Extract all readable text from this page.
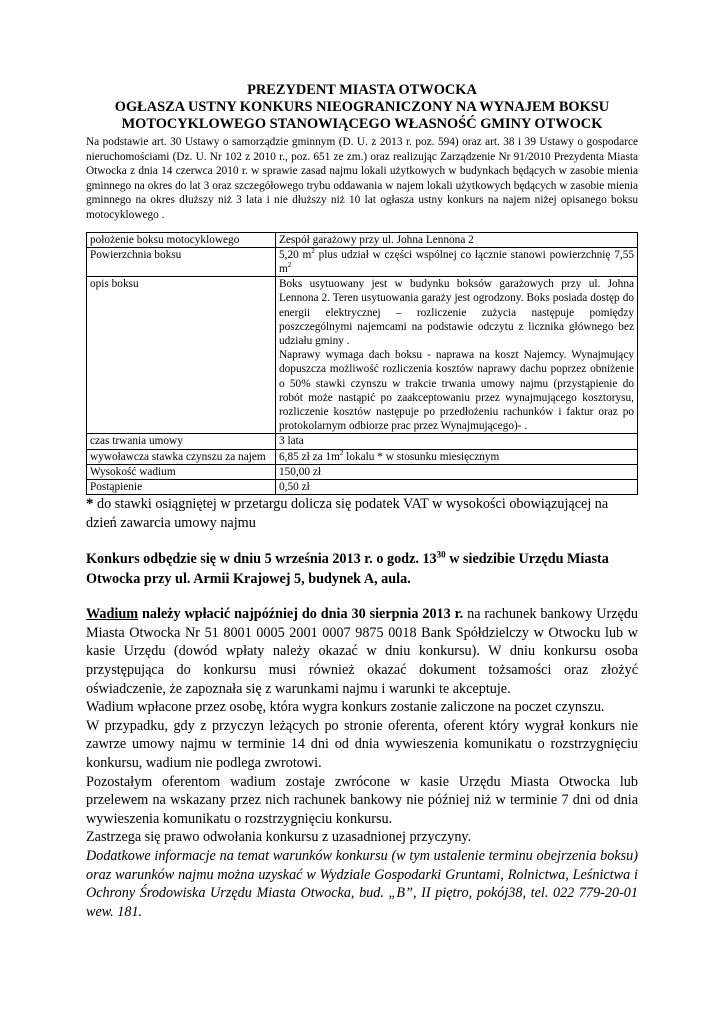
PREZYDENT MIASTA OTWOCKA

OGŁASZA USTNY KONKURS NIEOGRANICZONY NA WYNAJEM BOKSU

MOTOCYKLOWEGO STANOWIĄCEGO WŁASNOŚĆ GMINY OTWOCK

Na podstawie art. 30 Ustawy o samorządzie gminnym (D. U. z 2013 r. poz. 594) oraz art. 38 i 39 Ustawy o gospodarce nieruchomościami (Dz. U. Nr 102 z 2010 r., poz. 651 ze zm.) oraz realizując Zarządzenie Nr 91/2010 Prezydenta Miasta Otwocka z dnia 14 czerwca 2010 r. w sprawie zasad najmu lokali użytkowych w budynkach będących w zasobie mienia gminnego na okres do lat 3 oraz szczegółowego trybu oddawania w najem lokali użytkowych będących w zasobie mienia gminnego na okres dłuższy niż 3 lata i nie dłuższy niż 10 lat ogłasza ustny konkurs na najem niżej opisanego boksu motocyklowego .

położenie boksu motocyklowego	Zespół garażowy przy ul. Johna Lennona 2
Powierzchnia boksu	5,20 $m^2$ plus udział w części wspólnej co łącznie stanowi powierzchnię 7,55 $m^2$
opis boksu	Boks usytuowany jest w budynku boksów garażowych przy ul. Johna Lennona 2. Teren usytuowania garaży jest ogrodzony. Boks posiada dostęp do energii elektrycznej – rozliczenie zużycia następuje pomiędzy poszczególnymi najemcami na podstawie odczytu z licznika głównego bez udziału gminy .
Naprawy wymaga dach boksu - naprawa na koszt Najemcy. Wynajmujący dopuszcza możliwość rozliczenia kosztów naprawy dachu poprzez obniżenie o 50% stawki czynszu w trakcie trwania umowy najmu (przystąpienie do robót może nastąpić po zaakceptowaniu przez wynajmującego kosztorysu, rozliczenie kosztów następuje po przedłożeniu rachunków i faktur oraz po protokolarnym odbiorze prac przez Wynajmującego)- .

czas trwania umowy	3 lata
wywoławcza stawka czynszu za najem	6,85 zł za $1m^2$ lokalu * w stosunku miesięcznym
Wysokość wadium	150,00 zł
Postąpienie	0,50 zł

* do stawki osiągniętej w przetargu dolicza się podatek VAT w wysokości obowiązującej na dzień zawarcia umowy najmu

Konkurs odbędzie się w dniu 5 września 2013 r. o godz. $13^{30}$ w siedzibie Urzędu Miasta Otwocka przy ul. Armii Krajowej 5, budynek A, aula.

Wadium należy wpłacić najpóźniej do dnia 30 sierpnia 2013 r. na rachunek bankowy Urzędu Miasta Otwocka Nr 51 8001 0005 2001 0007 9875 0018 Bank Spółdzielczy w Otwocku lub w kasie Urzędu (dowód wpłaty należy okazać w dniu konkursu). W dniu konkursu osoba przystępująca do konkursu musi również okazać dokument tożsamości oraz złożyć oświadczenie, że zapoznała się z warunkami najmu i warunki te akceptuje.

Wadium wpłacone przez osobę, która wygra konkurs zostanie zaliczone na poczet czynszu.

W przypadku, gdy z przyczyn leżących po stronie oferenta, oferent który wygrał konkurs nie zawrze umowy najmu w terminie 14 dni od dnia wywieszenia komunikatu o rozstrzygnięciu konkursu, wadium nie podlega zwrotowi.

Pozostałym oferentom wadium zostaje zwrócone w kasie Urzędu Miasta Otwocka lub przelewem na wskazany przez nich rachunek bankowy nie później niż w terminie 7 dni od dnia wywieszenia komunikatu o rozstrzygnięciu konkursu.

Zastrzega się prawo odwołania konkursu z uzasadnionej przyczyny.

Dodatkowe informacje na temat warunków konkursu (w tym ustalenie terminu obejrzenia boksu) oraz warunków najmu można uzyskać w Wydziale Gospodarki Gruntami, Rolnictwa, Leśnictwa i Ochrony Środowiska Urzędu Miasta Otwocka, bud. „B”, II piętro, pokój38, tel. 022 779-20-01 wew. 181.
